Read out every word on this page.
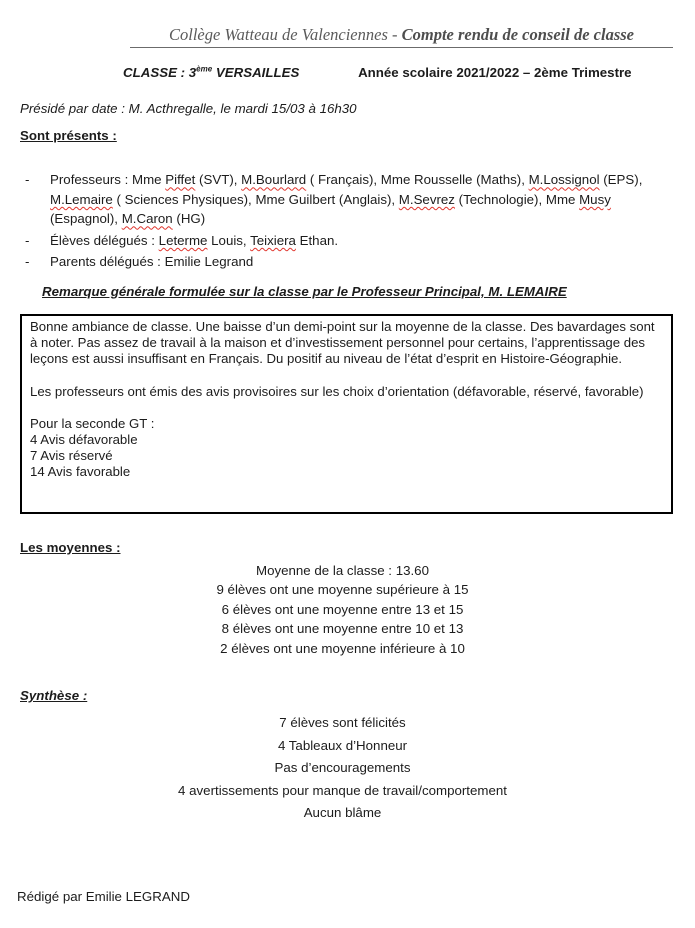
Collège Watteau de Valenciennes - Compte rendu de conseil de classe
CLASSE : 3ème VERSAILLES	Année scolaire 2021/2022 – 2ème Trimestre
Présidé par date : M. Acthregalle, le mardi 15/03 à 16h30
Sont présents :
- Professeurs : Mme Piffet (SVT), M.Bourlard ( Français), Mme Rousselle (Maths), M.Lossignol (EPS), M.Lemaire ( Sciences Physiques), Mme Guilbert (Anglais), M.Sevrez (Technologie), Mme Musy (Espagnol), M.Caron (HG)
- Élèves délégués : Leterme Louis, Teixiera Ethan.
- Parents délégués : Emilie Legrand
Remarque générale formulée sur la classe par le Professeur Principal, M. LEMAIRE

Bonne ambiance de classe. Une baisse d’un demi-point sur la moyenne de la classe. Des bavardages sont à noter. Pas assez de travail à la maison et d’investissement personnel pour certains, l’apprentissage des leçons est aussi insuffisant en Français. Du positif au niveau de l’état d’esprit en Histoire-Géographie.

Les professeurs ont émis des avis provisoires sur les choix d’orientation (défavorable, réservé, favorable)

Pour la seconde GT :

4 Avis défavorable
7 Avis réservé
14 Avis favorable
Les moyennes :
Moyenne de la classe : 13.60
9 élèves ont une moyenne supérieure à 15
6 élèves ont une moyenne entre 13 et 15
8 élèves ont une moyenne entre 10 et 13
2 élèves ont une moyenne inférieure à 10
Synthèse :
7 élèves sont félicités
4 Tableaux d’Honneur
Pas d’encouragements
4 avertissements pour manque de travail/comportement
Aucun blâme
Rédigé par Emilie LEGRAND
